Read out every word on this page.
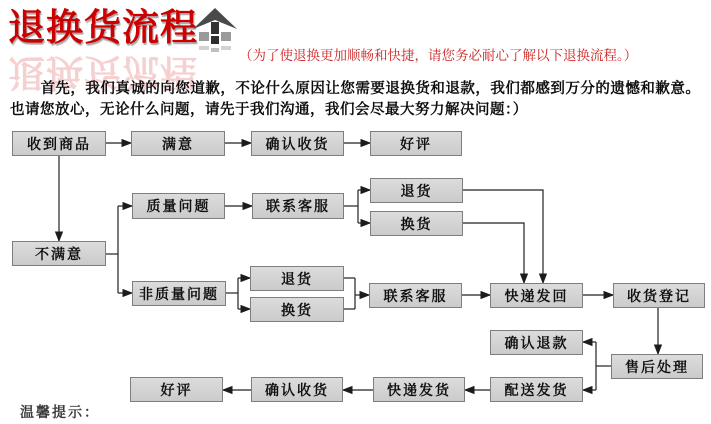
退换货流程
退换货流程	（为了使退换更加顺畅和快捷，请您务必耐心了解以下退换流程。）

首先，我们真诚的向您道歉，不论什么原因让您需要退换货和退款，我们都感到万分的遗憾和歉意。也请您放心，无论什么问题，请先于我们沟通，我们会尽最大努力解决问题：）

收到商品	满意	确认收货	好评
质量问题	联系客服
退货
换货
不满意
非质量问题
退货
换货
联系客服	快递发回	收货登记
售后处理
确认退款
配送发货
快递发货
确认收货
好评
温馨提示：
